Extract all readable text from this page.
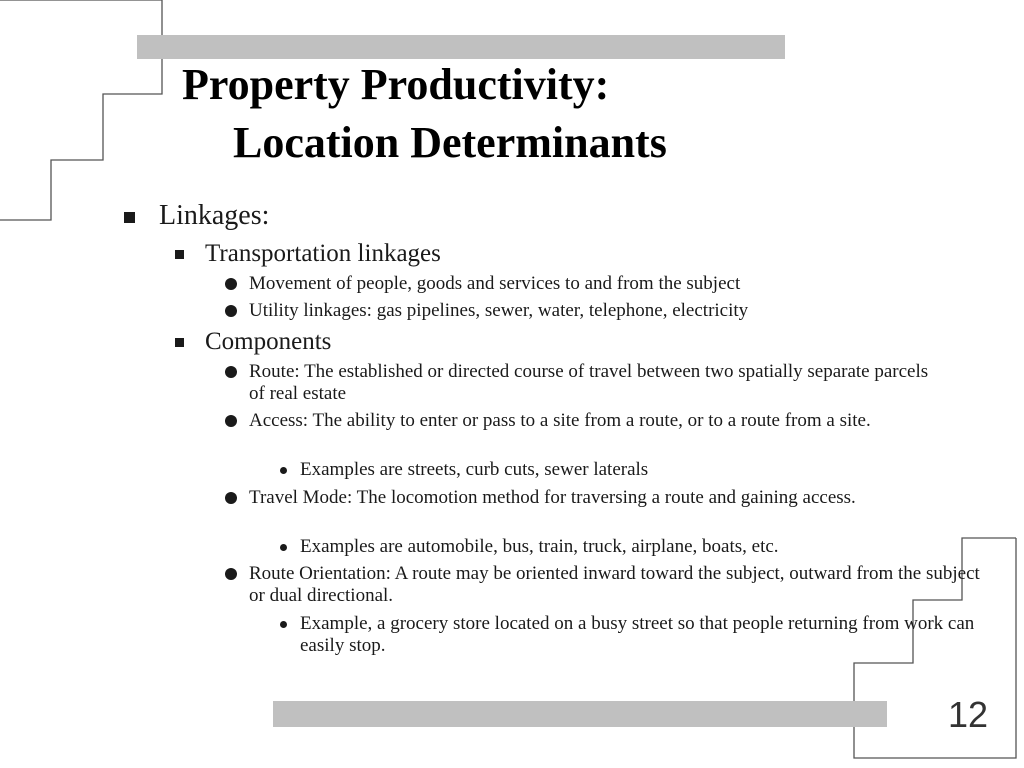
Property Productivity:
Location Determinants
Linkages:
Transportation linkages
Movement of people, goods and services to and from the subject
Utility linkages: gas pipelines, sewer, water, telephone, electricity
Components
Route: The established or directed course of travel between two spatially separate parcels of real estate
Access: The ability to enter or pass to a site from a route, or to a route from a site.
Examples are streets, curb cuts, sewer laterals
Travel Mode: The locomotion method for traversing a route and gaining access.
Examples are automobile, bus, train, truck, airplane, boats, etc.
Route Orientation: A route may be oriented inward toward the subject, outward from the subject or dual directional.
Example, a grocery store located on a busy street so that people returning from work can easily stop.
12
